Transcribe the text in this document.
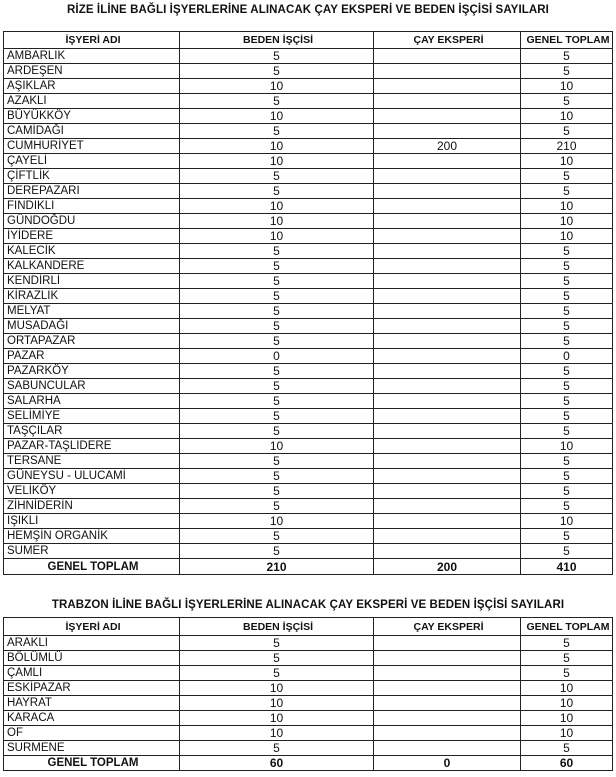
RİZE İLİNE BAĞLI İŞYERLERİNE ALINACAK ÇAY EKSPERİ VE BEDEN İŞÇİSİ SAYILARI
İŞYERİ ADI	BEDEN İŞÇİSİ	ÇAY EKSPERİ	GENEL TOPLAM
AMBARLIK	5		5
ARDEŞEN	5		5
AŞIKLAR	10		10
AZAKLI	5		5
BÜYÜKKÖY	10		10
CAMİDAĞI	5		5
CUMHURİYET	10	200	210
ÇAYELİ	10		10
ÇİFTLİK	5		5
DEREPAZARI	5		5
FINDIKLI	10		10
GÜNDOĞDU	10		10
İYİDERE	10		10
KALECİK	5		5
KALKANDERE	5		5
KENDİRLİ	5		5
KİRAZLIK	5		5
MELYAT	5		5
MUSADAĞI	5		5
ORTAPAZAR	5		5
PAZAR	0		0
PAZARKÖY	5		5
SABUNCULAR	5		5
SALARHA	5		5
SELİMİYE	5		5
TAŞÇILAR	5		5
PAZAR-TAŞLIDERE	10		10
TERSANE	5		5
GÜNEYSU - ULUCAMİ	5		5
VELİKÖY	5		5
ZİHNİDERİN	5		5
IŞIKLI	10		10
HEMŞİN ORGANİK	5		5
SUMER	5		5
GENEL TOPLAM	210	200	410
TRABZON İLİNE BAĞLI İŞYERLERİNE ALINACAK ÇAY EKSPERİ VE BEDEN İŞÇİSİ SAYILARI
İŞYERİ ADI	BEDEN İŞÇİSİ	ÇAY EKSPERİ	GENEL TOPLAM
ARAKLI	5		5
BÖLÜMLÜ	5		5
ÇAMLI	5		5
ESKİPAZAR	10		10
HAYRAT	10		10
KARACA	10		10
OF	10		10
SURMENE	5		5
GENEL TOPLAM	60	0	60
